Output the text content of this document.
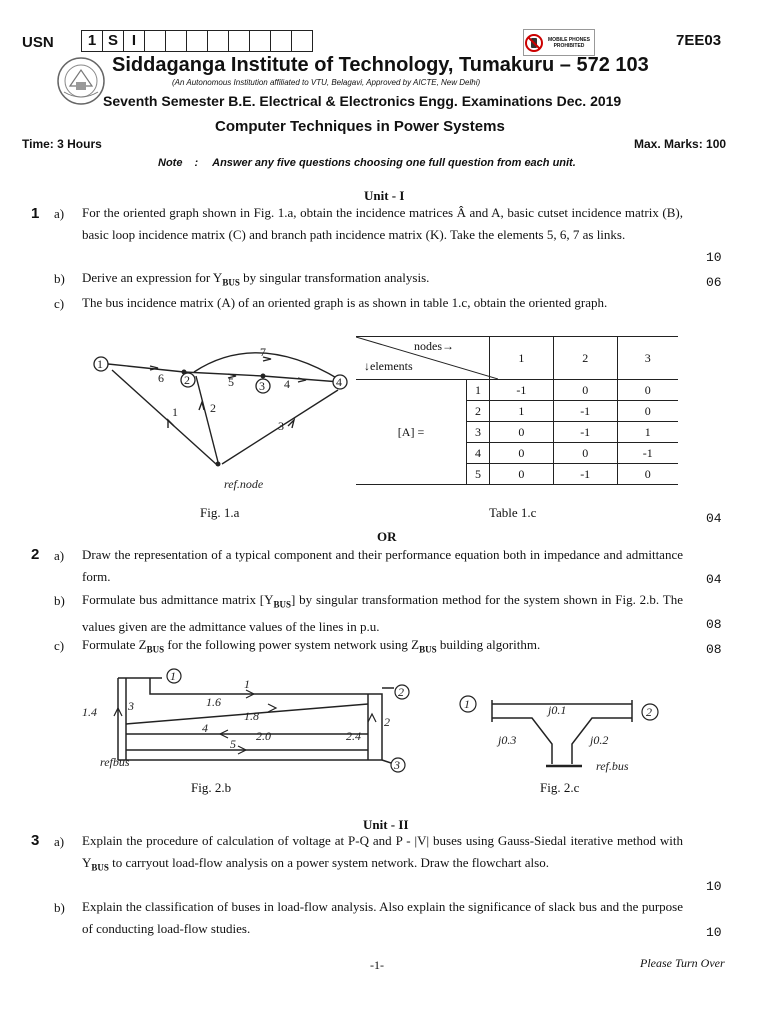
USN	1 S I	MOBILE PHONES PROHIBITED	7EE03
Siddaganga Institute of Technology, Tumakuru – 572 103
(An Autonomous Institution affiliated to VTU, Belagavi, Approved by AICTE, New Delhi)
Seventh Semester B.E. Electrical & Electronics Engg. Examinations Dec. 2019
Computer Techniques in Power Systems
Time: 3 Hours	Max. Marks: 100
Note : Answer any five questions choosing one full question from each unit.
Unit - I
1 a) For the oriented graph shown in Fig. 1.a, obtain the incidence matrices Â and A, basic cutset incidence matrix (B), basic loop incidence matrix (C) and branch path incidence matrix (K). Take the elements 5, 6, 7 as links.
10
b) Derive an expression for $Y_{BUS}$ by singular transformation analysis.	06
c) The bus incidence matrix (A) of an oriented graph is as shown in table 1.c, obtain the oriented graph.
04
1
2	3	4
6	5	4
7
1	2
3
ref.node
Fig. 1.a
nodes→
↓elements		1	2	3
[A] =	1	-1	0	0
	2	1	-1	0
	3	0	-1	1
	4	0	0	-1
	5	0	-1	0
Table 1.c
OR
2 a) Draw the representation of a typical component and their performance equation both in impedance and admittance form.	04
b) Formulate bus admittance matrix $[Y_{BUS}]$ by singular transformation method for the system shown in Fig. 2.b. The values given are the admittance values of the lines in p.u.	08
c) Formulate $Z_{BUS}$ for the following power system network using $Z_{BUS}$ building algorithm.	08
1
2
3
1.4	3
1
1.6
1.8
4
2.0
5
2.4
2
refbus
Fig. 2.b
1
2
j0.1
j0.3	j0.2
ref.bus
Fig. 2.c
Unit - II
3 a) Explain the procedure of calculation of voltage at P-Q and P - |V| buses using Gauss-Siedal iterative method with $Y_{BUS}$ to carryout load-flow analysis on a power system network. Draw the flowchart also.
10
b) Explain the classification of buses in load-flow analysis. Also explain the significance of slack bus and the purpose of conducting load-flow studies.	10
-1-	Please Turn Over
